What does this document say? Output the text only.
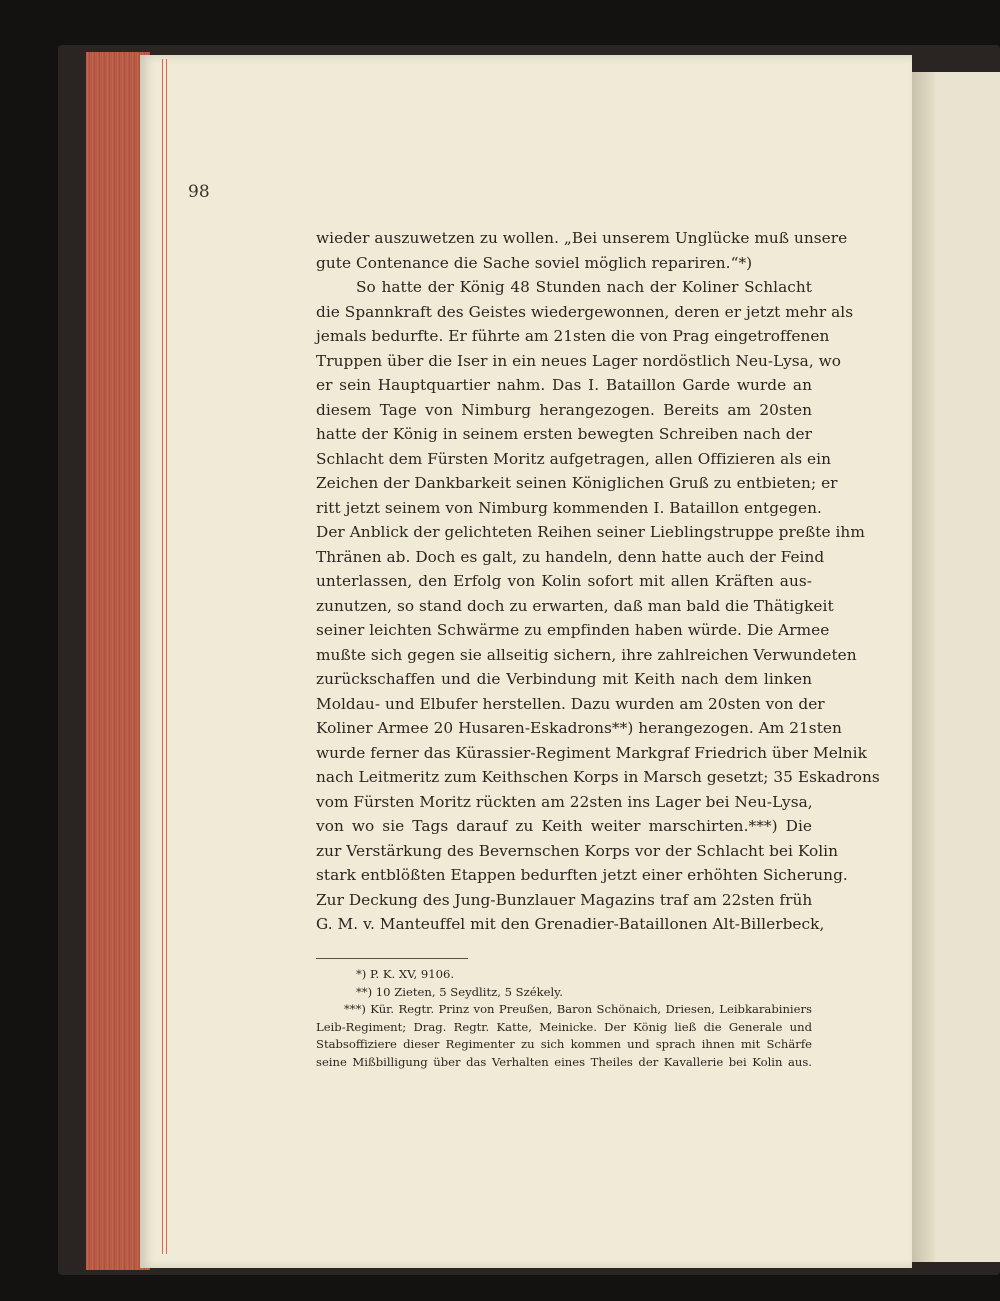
98
wieder auszuwetzen zu wollen. „Bei unserem Unglücke muß unsere
gute Contenance die Sache soviel möglich repariren.“*)
So hatte der König 48 Stunden nach der Koliner Schlacht
die Spannkraft des Geistes wiedergewonnen, deren er jetzt mehr als
jemals bedurfte. Er führte am 21sten die von Prag eingetroffenen
Truppen über die Iser in ein neues Lager nordöstlich Neu-Lysa, wo
er sein Hauptquartier nahm. Das I. Bataillon Garde wurde an
diesem Tage von Nimburg herangezogen. Bereits am 20sten
hatte der König in seinem ersten bewegten Schreiben nach der
Schlacht dem Fürsten Moritz aufgetragen, allen Offizieren als ein
Zeichen der Dankbarkeit seinen Königlichen Gruß zu entbieten; er
ritt jetzt seinem von Nimburg kommenden I. Bataillon entgegen.
Der Anblick der gelichteten Reihen seiner Lieblingstruppe preßte ihm
Thränen ab. Doch es galt, zu handeln, denn hatte auch der Feind
unterlassen, den Erfolg von Kolin sofort mit allen Kräften aus-
zunutzen, so stand doch zu erwarten, daß man bald die Thätigkeit
seiner leichten Schwärme zu empfinden haben würde. Die Armee
mußte sich gegen sie allseitig sichern, ihre zahlreichen Verwundeten
zurückschaffen und die Verbindung mit Keith nach dem linken
Moldau- und Elbufer herstellen. Dazu wurden am 20sten von der
Koliner Armee 20 Husaren-Eskadrons**) herangezogen. Am 21sten
wurde ferner das Kürassier-Regiment Markgraf Friedrich über Melnik
nach Leitmeritz zum Keithschen Korps in Marsch gesetzt; 35 Eskadrons
vom Fürsten Moritz rückten am 22sten ins Lager bei Neu-Lysa,
von wo sie Tags darauf zu Keith weiter marschirten.***) Die
zur Verstärkung des Bevernschen Korps vor der Schlacht bei Kolin
stark entblößten Etappen bedurften jetzt einer erhöhten Sicherung.
Zur Deckung des Jung-Bunzlauer Magazins traf am 22sten früh
G. M. v. Manteuffel mit den Grenadier-Bataillonen Alt-Billerbeck,
*) P. K. XV, 9106.
**) 10 Zieten, 5 Seydlitz, 5 Székely.
***) Kür. Regtr. Prinz von Preußen, Baron Schönaich, Driesen, Leibkarabiniers
Leib-Regiment; Drag. Regtr. Katte, Meinicke. Der König ließ die Generale und
Stabsoffiziere dieser Regimenter zu sich kommen und sprach ihnen mit Schärfe
seine Mißbilligung über das Verhalten eines Theiles der Kavallerie bei Kolin aus.
